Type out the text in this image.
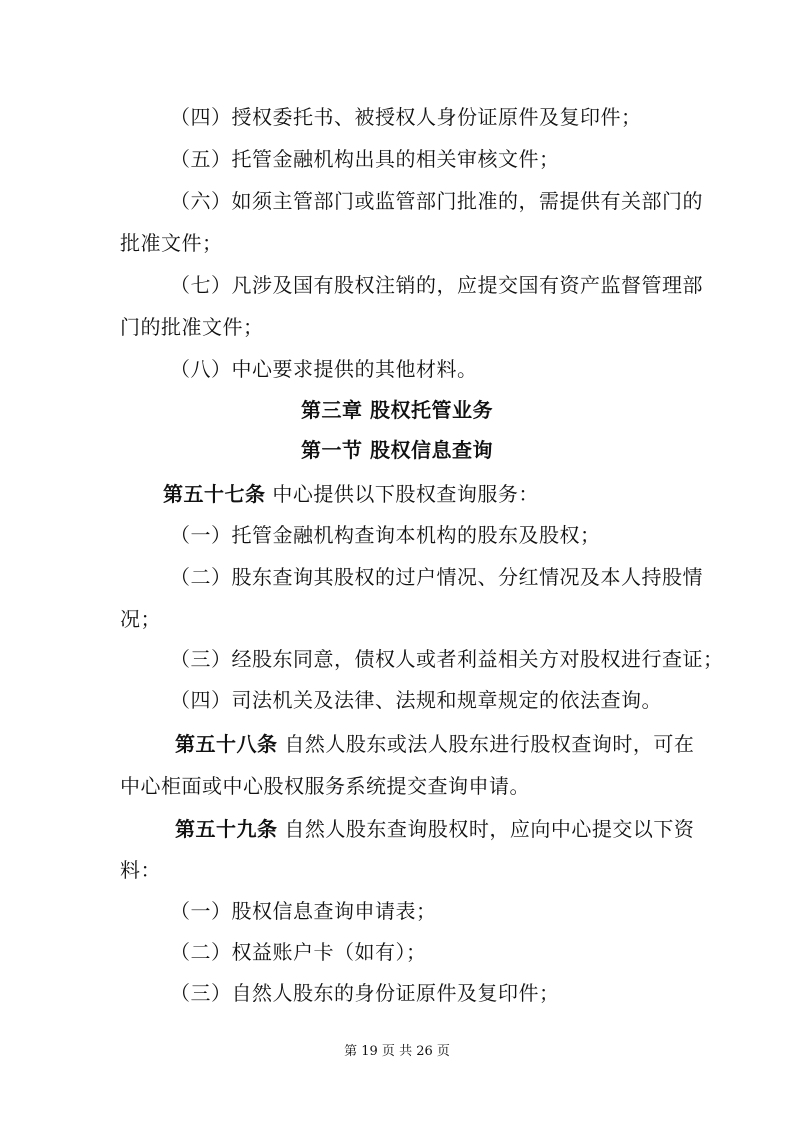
（四）授权委托书、被授权人身份证原件及复印件；
（五）托管金融机构出具的相关审核文件；
（六）如须主管部门或监管部门批准的，需提供有关部门的
批准文件；
（七）凡涉及国有股权注销的，应提交国有资产监督管理部
门的批准文件；
（八）中心要求提供的其他材料。
第三章 股权托管业务
第一节 股权信息查询
第五十七条 中心提供以下股权查询服务：
（一）托管金融机构查询本机构的股东及股权；
（二）股东查询其股权的过户情况、分红情况及本人持股情
况；
（三）经股东同意，债权人或者利益相关方对股权进行查证；
（四）司法机关及法律、法规和规章规定的依法查询。
第五十八条 自然人股东或法人股东进行股权查询时，可在
中心柜面或中心股权服务系统提交查询申请。
第五十九条 自然人股东查询股权时，应向中心提交以下资
料：
（一）股权信息查询申请表；
（二）权益账户卡（如有）；
（三）自然人股东的身份证原件及复印件；
第 19 页 共 26 页
